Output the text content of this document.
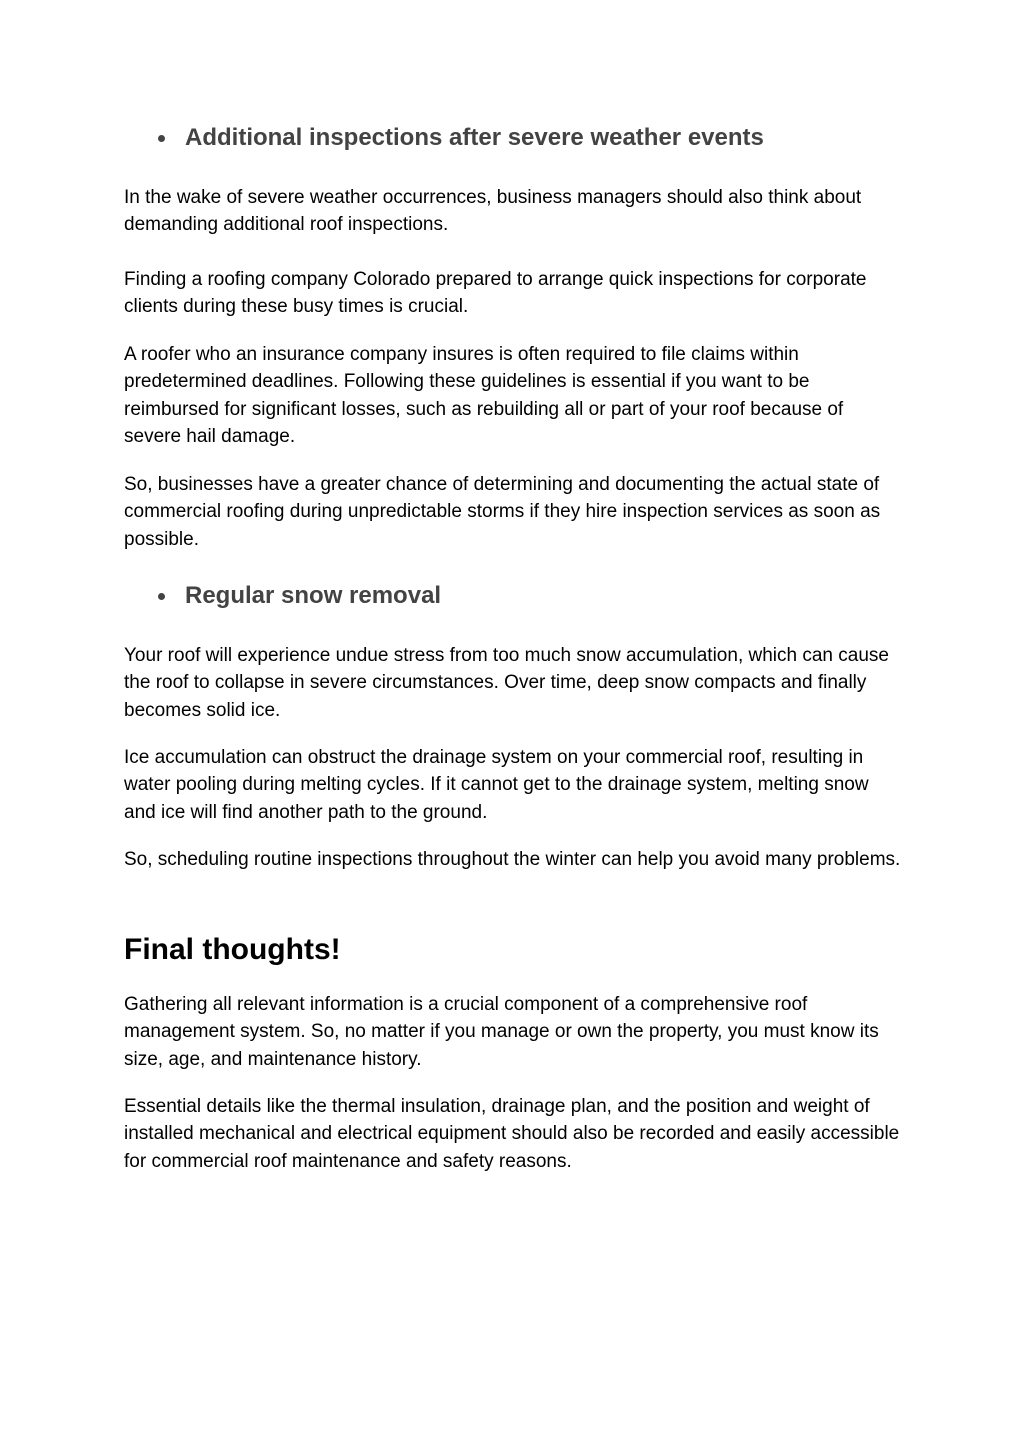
Additional inspections after severe weather events

In the wake of severe weather occurrences, business managers should also think about demanding additional roof inspections.

Finding a roofing company Colorado prepared to arrange quick inspections for corporate clients during these busy times is crucial.

A roofer who an insurance company insures is often required to file claims within predetermined deadlines. Following these guidelines is essential if you want to be reimbursed for significant losses, such as rebuilding all or part of your roof because of severe hail damage.

So, businesses have a greater chance of determining and documenting the actual state of commercial roofing during unpredictable storms if they hire inspection services as soon as possible.

Regular snow removal

Your roof will experience undue stress from too much snow accumulation, which can cause the roof to collapse in severe circumstances. Over time, deep snow compacts and finally becomes solid ice.

Ice accumulation can obstruct the drainage system on your commercial roof, resulting in water pooling during melting cycles. If it cannot get to the drainage system, melting snow and ice will find another path to the ground.

So, scheduling routine inspections throughout the winter can help you avoid many problems.

Final thoughts!

Gathering all relevant information is a crucial component of a comprehensive roof management system. So, no matter if you manage or own the property, you must know its size, age, and maintenance history.

Essential details like the thermal insulation, drainage plan, and the position and weight of installed mechanical and electrical equipment should also be recorded and easily accessible for commercial roof maintenance and safety reasons.
